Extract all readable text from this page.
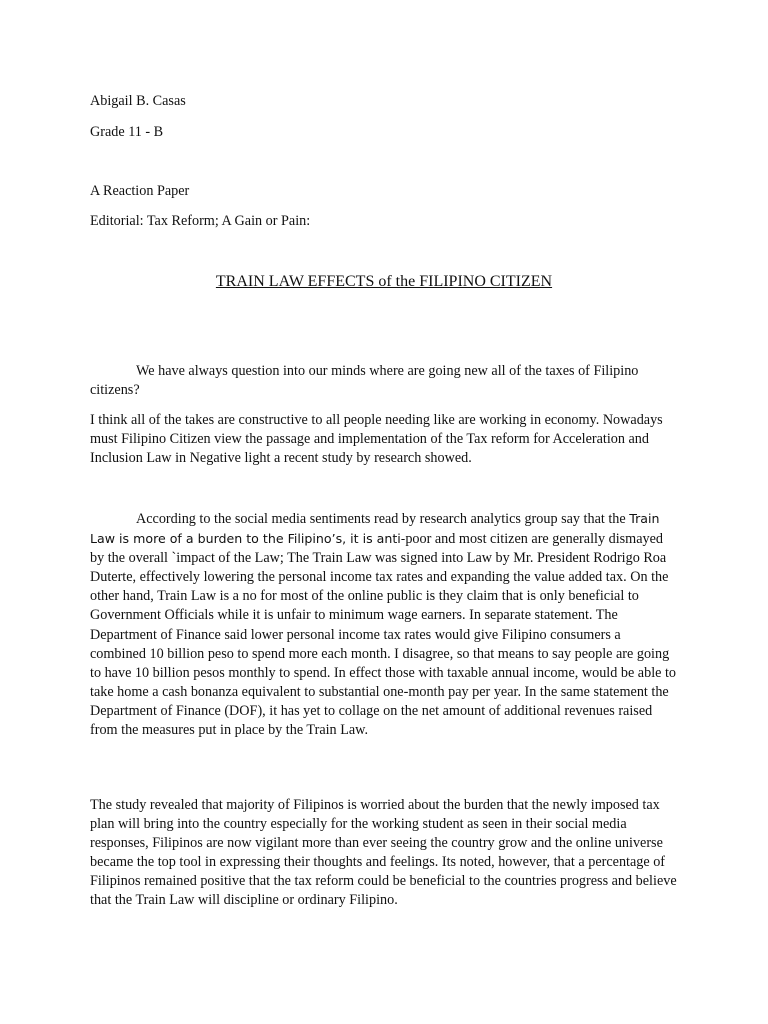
Abigail B. Casas
Grade 11 - B
A Reaction Paper
Editorial: Tax Reform; A Gain or Pain:
TRAIN LAW EFFECTS of the FILIPINO CITIZEN
We have always question into our minds where are going new all of the taxes of Filipino citizens?
I think all of the takes are constructive to all people needing like are working in economy. Nowadays must Filipino Citizen view the passage and implementation of the Tax reform for Acceleration and Inclusion Law in Negative light a recent study by research showed.
According to the social media sentiments read by research analytics group say that the Train Law is more of a burden to the Filipino’s, it is anti-poor and most citizen are generally dismayed by the overall `impact of the Law; The Train Law was signed into Law by Mr. President Rodrigo Roa Duterte, effectively lowering the personal income tax rates and expanding the value added tax. On the other hand, Train Law is a no for most of the online public is they claim that is only beneficial to Government Officials while it is unfair to minimum wage earners. In separate statement. The Department of Finance said lower personal income tax rates would give Filipino consumers a combined 10 billion peso to spend more each month. I disagree, so that means to say people are going to have 10 billion pesos monthly to spend. In effect those with taxable annual income, would be able to take home a cash bonanza equivalent to substantial one-month pay per year. In the same statement the Department of Finance (DOF), it has yet to collage on the net amount of additional revenues raised from the measures put in place by the Train Law.
The study revealed that majority of Filipinos is worried about the burden that the newly imposed tax plan will bring into the country especially for the working student as seen in their social media responses, Filipinos are now vigilant more than ever seeing the country grow and the online universe became the top tool in expressing their thoughts and feelings. Its noted, however, that a percentage of Filipinos remained positive that the tax reform could be beneficial to the countries progress and believe that the Train Law will discipline or ordinary Filipino.
